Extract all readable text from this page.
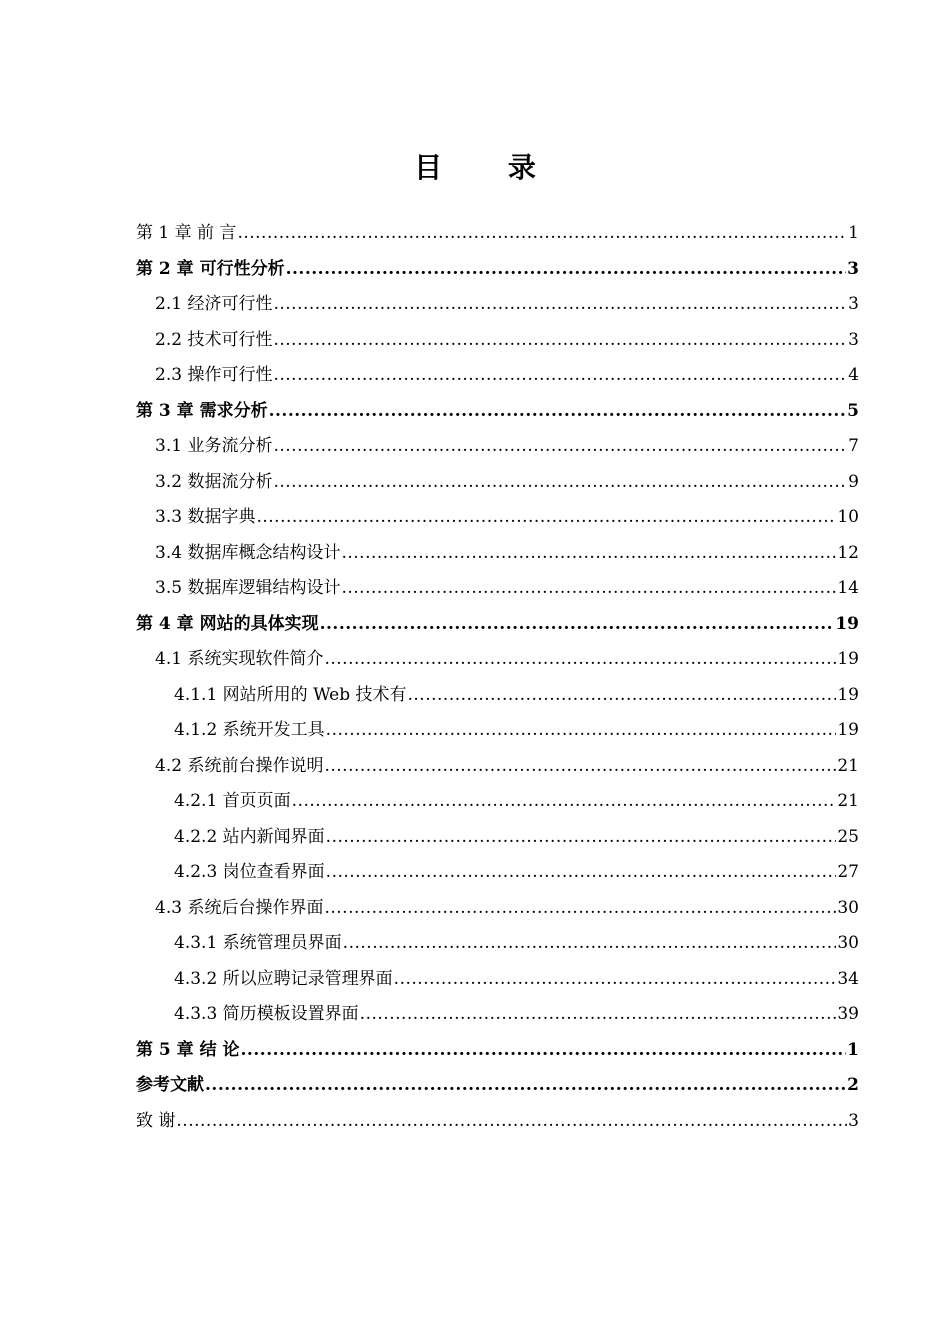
目 录
第 1 章 前 言 .....	1
第 2 章 可行性分析 .....	3
2.1 经济可行性 .....	3
2.2 技术可行性 .....	3
2.3 操作可行性 .....	4
第 3 章 需求分析 .....	5
3.1 业务流分析 .....	7
3.2 数据流分析 .....	9
3.3 数据字典 .....	10
3.4 数据库概念结构设计 .....	12
3.5 数据库逻辑结构设计 .....	14
第 4 章 网站的具体实现 .....	19
4.1 系统实现软件简介 .....	19
4.1.1 网站所用的 Web 技术有 .....	19
4.1.2 系统开发工具 .....	19
4.2 系统前台操作说明 .....	21
4.2.1 首页页面 .....	21
4.2.2 站内新闻界面 .....	25
4.2.3 岗位查看界面 .....	27
4.3 系统后台操作界面 .....	30
4.3.1 系统管理员界面 .....	30
4.3.2 所以应聘记录管理界面 .....	34
4.3.3 简历模板设置界面 .....	39
第 5 章 结 论 .....	1
参考文献 .....	2
致 谢 .....	3
